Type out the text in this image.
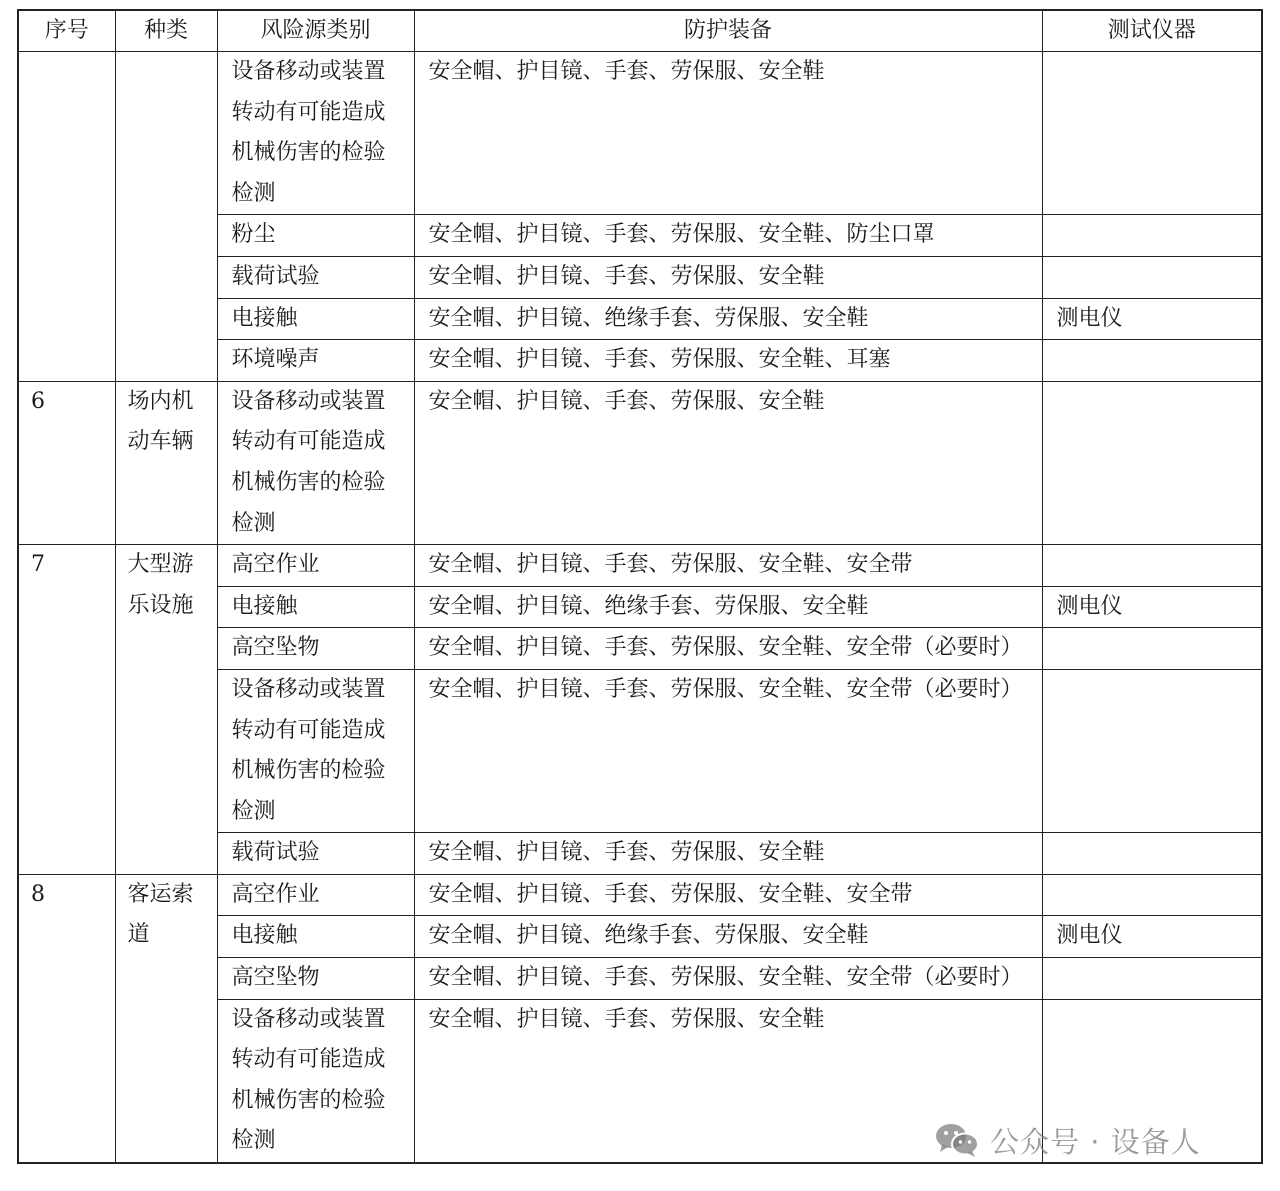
序号	种类	风险源类别	防护装备	测试仪器
		设备移动或装置转动有可能造成机械伤害的检验检测	安全帽、护目镜、手套、劳保服、安全鞋	
		粉尘	安全帽、护目镜、手套、劳保服、安全鞋、防尘口罩	
		载荷试验	安全帽、护目镜、手套、劳保服、安全鞋	
		电接触	安全帽、护目镜、绝缘手套、劳保服、安全鞋	测电仪
		环境噪声	安全帽、护目镜、手套、劳保服、安全鞋、耳塞	
6	场内机动车辆	设备移动或装置转动有可能造成机械伤害的检验检测	安全帽、护目镜、手套、劳保服、安全鞋	
7	大型游乐设施	高空作业	安全帽、护目镜、手套、劳保服、安全鞋、安全带	
		电接触	安全帽、护目镜、绝缘手套、劳保服、安全鞋	测电仪
		高空坠物	安全帽、护目镜、手套、劳保服、安全鞋、安全带（必要时）	
		设备移动或装置转动有可能造成机械伤害的检验检测	安全帽、护目镜、手套、劳保服、安全鞋、安全带（必要时）	
		载荷试验	安全帽、护目镜、手套、劳保服、安全鞋	
8	客运索道	高空作业	安全帽、护目镜、手套、劳保服、安全鞋、安全带	
		电接触	安全帽、护目镜、绝缘手套、劳保服、安全鞋	测电仪
		高空坠物	安全帽、护目镜、手套、劳保服、安全鞋、安全带（必要时）	
		设备移动或装置转动有可能造成机械伤害的检验检测	安全帽、护目镜、手套、劳保服、安全鞋	
公众号 · 设备人
